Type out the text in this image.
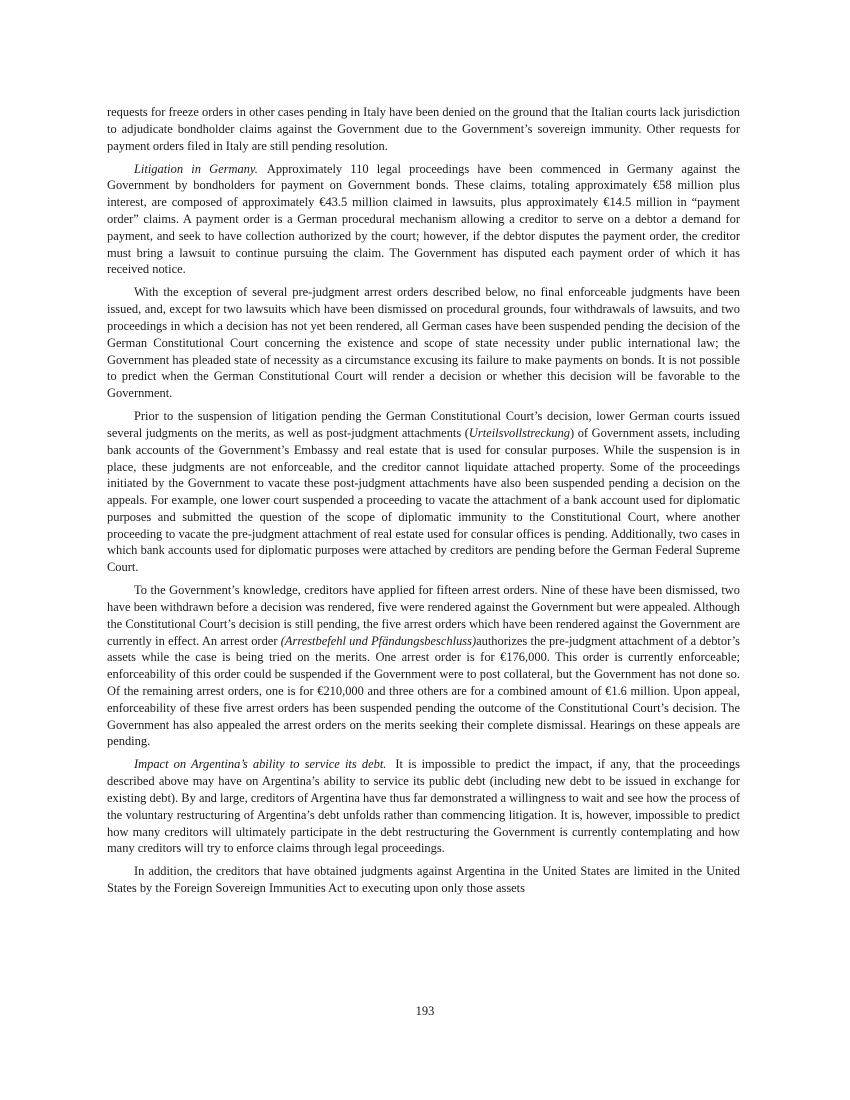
requests for freeze orders in other cases pending in Italy have been denied on the ground that the Italian courts lack jurisdiction to adjudicate bondholder claims against the Government due to the Government’s sovereign immunity. Other requests for payment orders filed in Italy are still pending resolution.

Litigation in Germany. Approximately 110 legal proceedings have been commenced in Germany against the Government by bondholders for payment on Government bonds. These claims, totaling approximately €58 million plus interest, are composed of approximately €43.5 million claimed in lawsuits, plus approximately €14.5 million in “payment order” claims. A payment order is a German procedural mechanism allowing a creditor to serve on a debtor a demand for payment, and seek to have collection authorized by the court; however, if the debtor disputes the payment order, the creditor must bring a lawsuit to continue pursuing the claim. The Government has disputed each payment order of which it has received notice.

With the exception of several pre-judgment arrest orders described below, no final enforceable judgments have been issued, and, except for two lawsuits which have been dismissed on procedural grounds, four withdrawals of lawsuits, and two proceedings in which a decision has not yet been rendered, all German cases have been suspended pending the decision of the German Constitutional Court concerning the existence and scope of state necessity under public international law; the Government has pleaded state of necessity as a circumstance excusing its failure to make payments on bonds. It is not possible to predict when the German Constitutional Court will render a decision or whether this decision will be favorable to the Government.

Prior to the suspension of litigation pending the German Constitutional Court’s decision, lower German courts issued several judgments on the merits, as well as post-judgment attachments (Urteilsvollstreckung) of Government assets, including bank accounts of the Government’s Embassy and real estate that is used for consular purposes. While the suspension is in place, these judgments are not enforceable, and the creditor cannot liquidate attached property. Some of the proceedings initiated by the Government to vacate these post-judgment attachments have also been suspended pending a decision on the appeals. For example, one lower court suspended a proceeding to vacate the attachment of a bank account used for diplomatic purposes and submitted the question of the scope of diplomatic immunity to the Constitutional Court, where another proceeding to vacate the pre-judgment attachment of real estate used for consular offices is pending. Additionally, two cases in which bank accounts used for diplomatic purposes were attached by creditors are pending before the German Federal Supreme Court.

To the Government’s knowledge, creditors have applied for fifteen arrest orders. Nine of these have been dismissed, two have been withdrawn before a decision was rendered, five were rendered against the Government but were appealed. Although the Constitutional Court’s decision is still pending, the five arrest orders which have been rendered against the Government are currently in effect. An arrest order (Arrestbefehl und Pfändungsbeschluss)authorizes the pre-judgment attachment of a debtor’s assets while the case is being tried on the merits. One arrest order is for €176,000. This order is currently enforceable; enforceability of this order could be suspended if the Government were to post collateral, but the Government has not done so. Of the remaining arrest orders, one is for €210,000 and three others are for a combined amount of €1.6 million. Upon appeal, enforceability of these five arrest orders has been suspended pending the outcome of the Constitutional Court’s decision. The Government has also appealed the arrest orders on the merits seeking their complete dismissal. Hearings on these appeals are pending.

Impact on Argentina’s ability to service its debt. It is impossible to predict the impact, if any, that the proceedings described above may have on Argentina’s ability to service its public debt (including new debt to be issued in exchange for existing debt). By and large, creditors of Argentina have thus far demonstrated a willingness to wait and see how the process of the voluntary restructuring of Argentina’s debt unfolds rather than commencing litigation. It is, however, impossible to predict how many creditors will ultimately participate in the debt restructuring the Government is currently contemplating and how many creditors will try to enforce claims through legal proceedings.

In addition, the creditors that have obtained judgments against Argentina in the United States are limited in the United States by the Foreign Sovereign Immunities Act to executing upon only those assets

193
